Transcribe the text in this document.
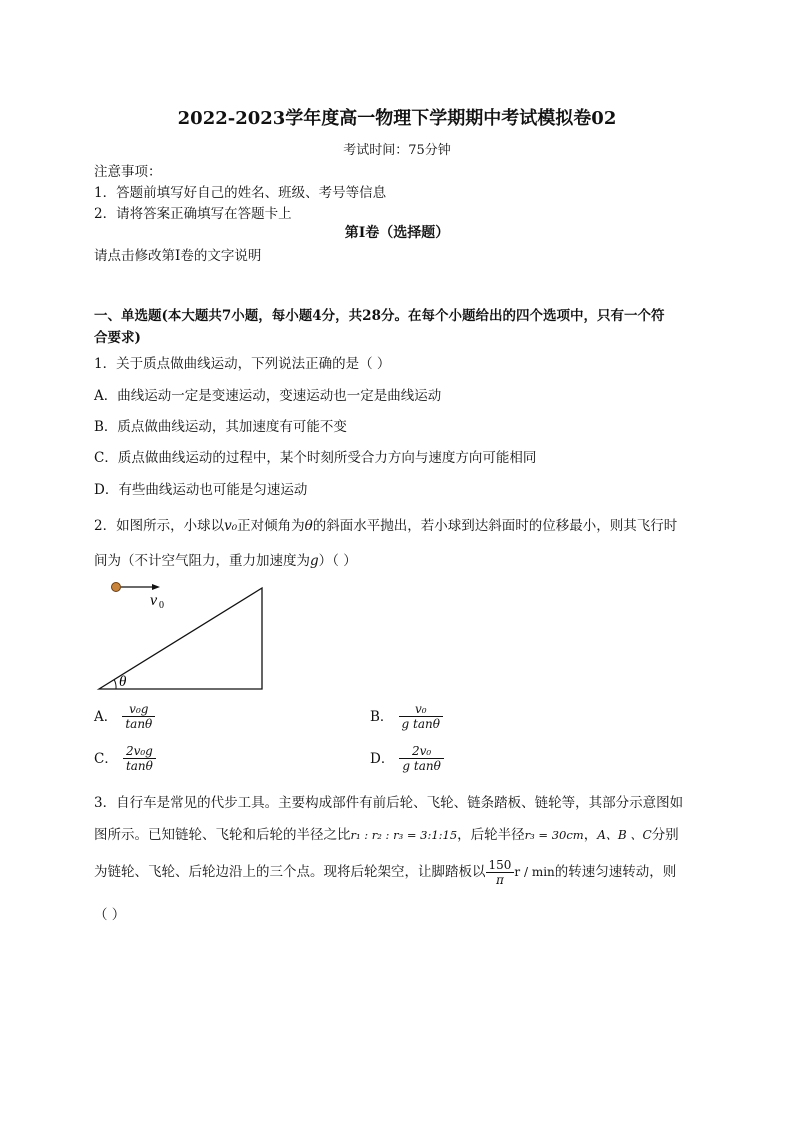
2022-2023学年度高一物理下学期期中考试模拟卷02
考试时间：75分钟
注意事项：
1．答题前填写好自己的姓名、班级、考号等信息
2．请将答案正确填写在答题卡上
第I卷（选择题）
请点击修改第I卷的文字说明
一、单选题(本大题共7小题，每小题4分，共28分。在每个小题给出的四个选项中，只有一个符
合要求)
1．关于质点做曲线运动，下列说法正确的是（ ）
A．曲线运动一定是变速运动，变速运动也一定是曲线运动
B．质点做曲线运动，其加速度有可能不变
C．质点做曲线运动的过程中，某个时刻所受合力方向与速度方向可能相同
D．有些曲线运动也可能是匀速运动
2．如图所示，小球以v₀正对倾角为θ的斜面水平抛出，若小球到达斜面时的位移最小，则其飞行时
间为（不计空气阻力，重力加速度为g）（ ）
v 0
θ
A． $\frac{\text{v₀g}}{\tan\theta}$	B． $\frac{\text{v₀}}{\text{g tanθ}}$
C． $\frac{\text{2v₀g}}{\tan\theta}$	D． $\frac{\text{2v₀}}{\text{g tanθ}}$
3．自行车是常见的代步工具。主要构成部件有前后轮、飞轮、链条踏板、链轮等，其部分示意图如
图所示。已知链轮、飞轮和后轮的半径之比r₁ : r₂ : r₃ = 3:1:15，后轮半径r₃ = 30cm，A、B 、C分别
为链轮、飞轮、后轮边沿上的三个点。现将后轮架空，让脚踏板以 $\frac{150}{\pi}$ r / min的转速匀速转动，则
（ ）
